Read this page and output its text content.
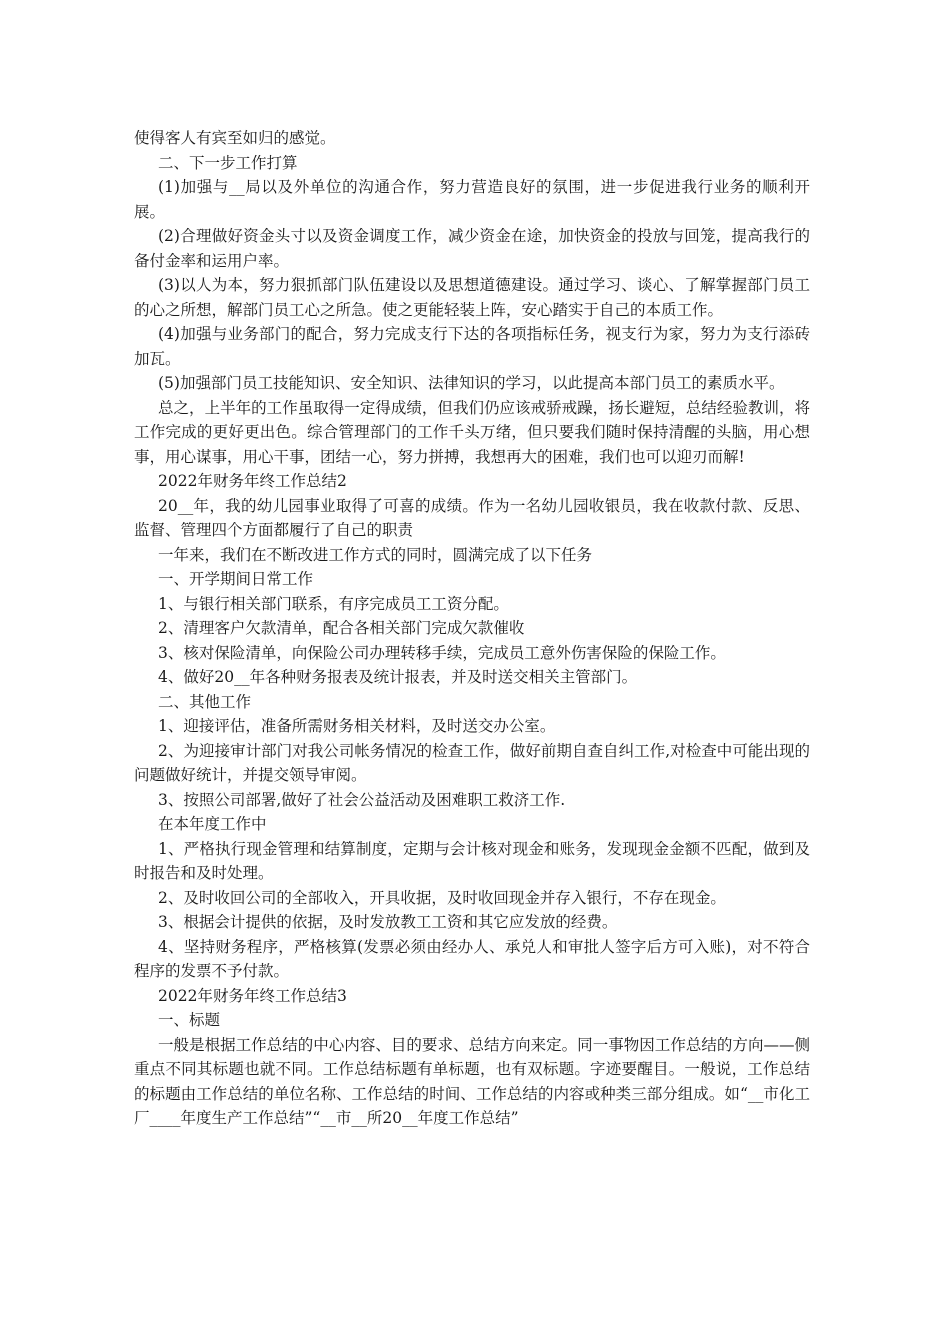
使得客人有宾至如归的感觉。

二、下一步工作打算

(1)加强与__局以及外单位的沟通合作，努力营造良好的氛围，进一步促进我行业务的顺利开展。

(2)合理做好资金头寸以及资金调度工作，减少资金在途，加快资金的投放与回笼，提高我行的备付金率和运用户率。

(3)以人为本，努力狠抓部门队伍建设以及思想道德建设。通过学习、谈心、了解掌握部门员工的心之所想，解部门员工心之所急。使之更能轻装上阵，安心踏实于自己的本质工作。

(4)加强与业务部门的配合，努力完成支行下达的各项指标任务，视支行为家，努力为支行添砖加瓦。

(5)加强部门员工技能知识、安全知识、法律知识的学习，以此提高本部门员工的素质水平。

总之，上半年的工作虽取得一定得成绩，但我们仍应该戒骄戒躁，扬长避短，总结经验教训，将工作完成的更好更出色。综合管理部门的工作千头万绪，但只要我们随时保持清醒的头脑，用心想事，用心谋事，用心干事，团结一心，努力拼搏，我想再大的困难，我们也可以迎刃而解!

2022年财务年终工作总结2

20__年，我的幼儿园事业取得了可喜的成绩。作为一名幼儿园收银员，我在收款付款、反思、监督、管理四个方面都履行了自己的职责

一年来，我们在不断改进工作方式的同时，圆满完成了以下任务

一、开学期间日常工作

1、与银行相关部门联系，有序完成员工工资分配。

2、清理客户欠款清单，配合各相关部门完成欠款催收

3、核对保险清单，向保险公司办理转移手续，完成员工意外伤害保险的保险工作。

4、做好20__年各种财务报表及统计报表，并及时送交相关主管部门。

二、其他工作

1、迎接评估，准备所需财务相关材料，及时送交办公室。

2、为迎接审计部门对我公司帐务情况的检查工作，做好前期自查自纠工作,对检查中可能出现的问题做好统计，并提交领导审阅。

3、按照公司部署,做好了社会公益活动及困难职工救济工作.

在本年度工作中

1、严格执行现金管理和结算制度，定期与会计核对现金和账务，发现现金金额不匹配，做到及时报告和及时处理。

2、及时收回公司的全部收入，开具收据，及时收回现金并存入银行，不存在现金。

3、根据会计提供的依据，及时发放教工工资和其它应发放的经费。

4、坚持财务程序，严格核算(发票必须由经办人、承兑人和审批人签字后方可入账)，对不符合程序的发票不予付款。

2022年财务年终工作总结3

一、标题

一般是根据工作总结的中心内容、目的要求、总结方向来定。同一事物因工作总结的方向——侧重点不同其标题也就不同。工作总结标题有单标题，也有双标题。字迹要醒目。一般说，工作总结的标题由工作总结的单位名称、工作总结的时间、工作总结的内容或种类三部分组成。如“__市化工厂____年度生产工作总结”“__市__所20__年度工作总结”
